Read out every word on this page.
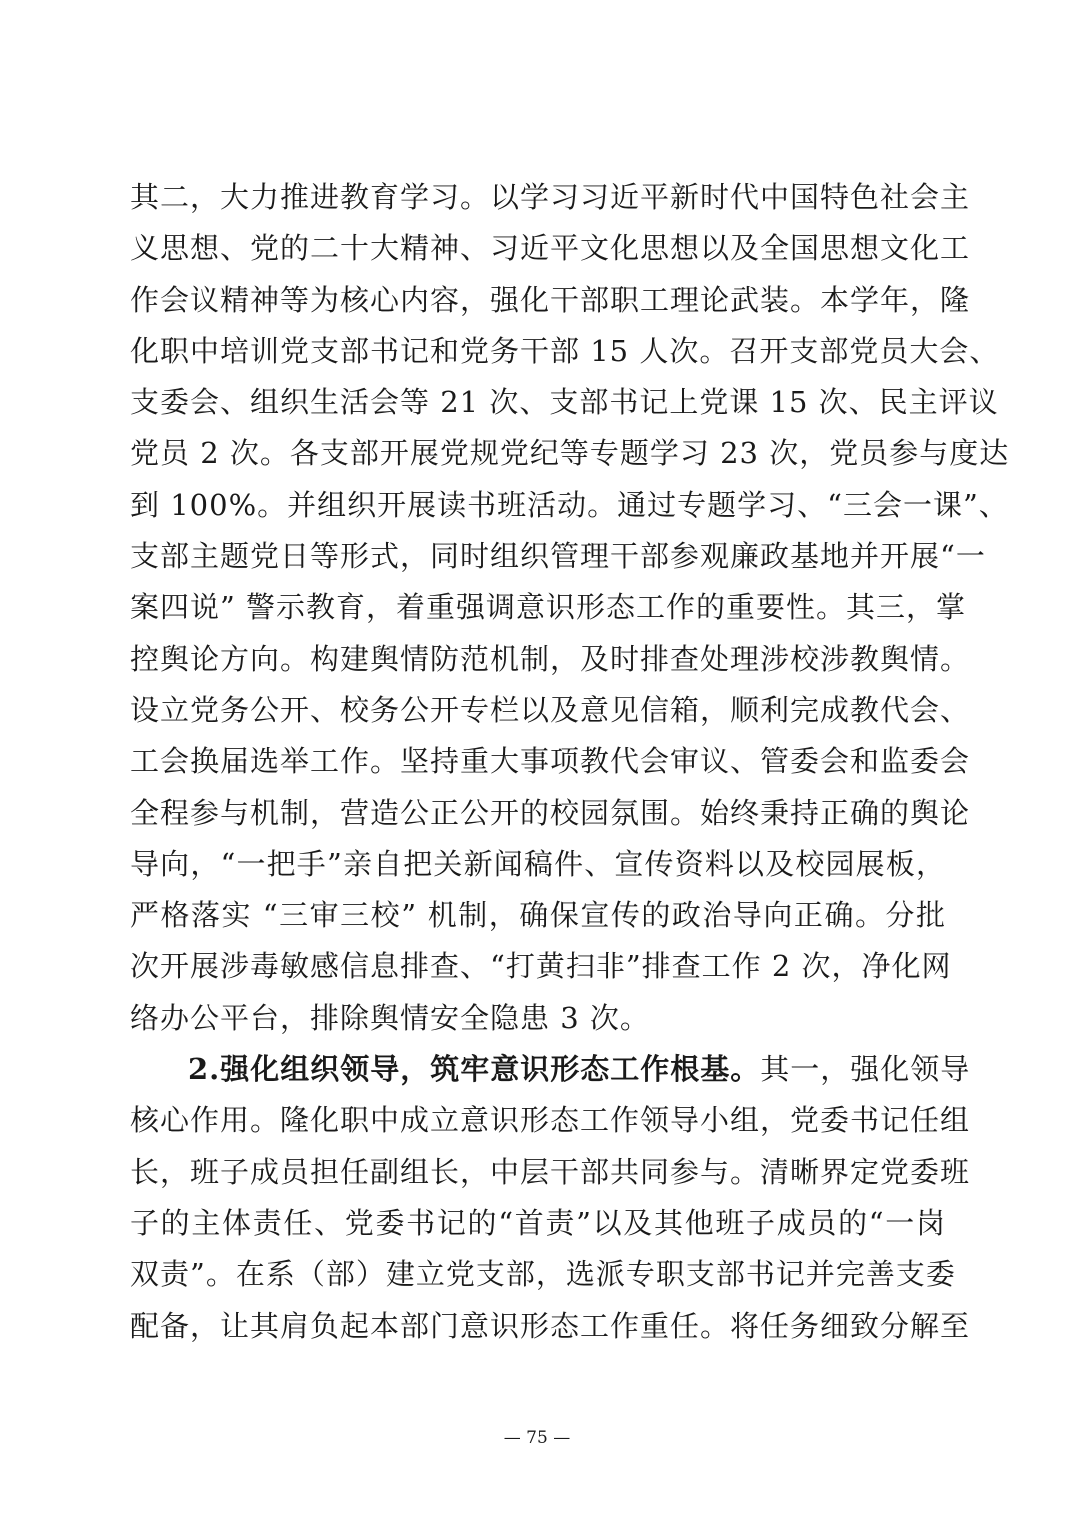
其二，大力推进教育学习。以学习习近平新时代中国特色社会主
义思想、党的二十大精神、习近平文化思想以及全国思想文化工
作会议精神等为核心内容，强化干部职工理论武装。本学年，隆
化职中培训党支部书记和党务干部 15 人次。召开支部党员大会、
支委会、组织生活会等 21 次、支部书记上党课 15 次、民主评议
党员 2 次。各支部开展党规党纪等专题学习 23 次，党员参与度达
到 100%。并组织开展读书班活动。通过专题学习、“三会一课”、
支部主题党日等形式，同时组织管理干部参观廉政基地并开展“一
案四说” 警示教育，着重强调意识形态工作的重要性。其三，掌
控舆论方向。构建舆情防范机制，及时排查处理涉校涉教舆情。
设立党务公开、校务公开专栏以及意见信箱，顺利完成教代会、
工会换届选举工作。坚持重大事项教代会审议、管委会和监委会
全程参与机制，营造公正公开的校园氛围。始终秉持正确的舆论
导向，“一把手”亲自把关新闻稿件、宣传资料以及校园展板，
严格落实 “三审三校” 机制，确保宣传的政治导向正确。分批
次开展涉毒敏感信息排查、“打黄扫非”排查工作 2 次，净化网
络办公平台，排除舆情安全隐患 3 次。
2.强化组织领导，筑牢意识形态工作根基。其一，强化领导
核心作用。隆化职中成立意识形态工作领导小组，党委书记任组
长，班子成员担任副组长，中层干部共同参与。清晰界定党委班
子的主体责任、党委书记的“首责”以及其他班子成员的“一岗
双责”。在系（部）建立党支部，选派专职支部书记并完善支委
配备，让其肩负起本部门意识形态工作重任。将任务细致分解至
— 75 —
